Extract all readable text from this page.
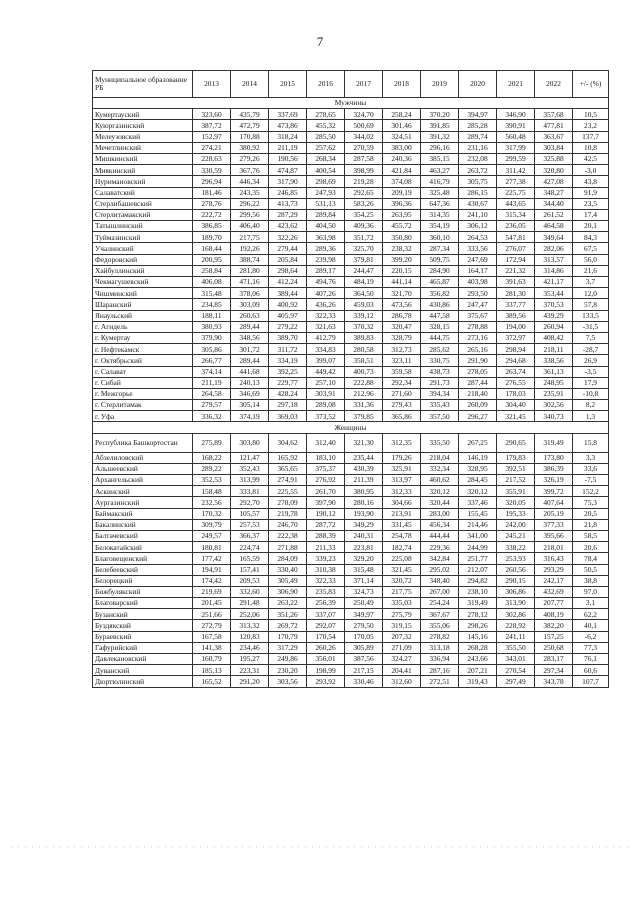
7
Муниципальное образование РБ	2013	2014	2015	2016	2017	2018	2019	2020	2021	2022	+/- (%)
Мужчины											
Кумертауский	323,60	435,79	337,69	278,65	324,70	258,24	370,20	394,97	346,90	357,68	10,5
Куюргазинский	387,72	472,79	473,86	455,32	500,69	301,46	391,85	285,28	390,91	477,81	23,2
Мелеузовский	152,97	170,88	318,24	285,50	344,02	324,51	391,32	289,74	560,48	363,67	137,7
Мечетлинский	274,21	380,92	211,19	257,62	270,59	383,00	296,16	231,16	317,99	303,84	10,8
Мишкинский	228,63	279,26	190,56	268,34	287,58	240,36	385,15	232,08	299,59	325,88	42,5
Миякинский	330,59	367,76	474,87	400,54	398,99	421,84	463,27	263,72	311,42	320,80	-3,0
Нуримановский	296,94	446,34	317,90	298,69	219,28	374,08	416,79	305,75	277,38	427,08	43,8
Салаватский	181,46	243,35	246,85	247,93	292,65	209,19	325,48	286,15	225,75	348,27	91,9
Стерлибашевский	278,76	296,22	413,73	531,13	583,26	396,36	647,36	430,67	443,65	344,40	23,5
Стерлитамакский	222,72	299,56	287,29	289,84	354,25	263,95	314,35	241,10	315,34	261,52	17,4
Татышлинский	386,85	406,40	423,62	404,50	409,36	455,72	354,19	306,12	236,05	464,58	20,1
Туймазинский	189,70	217,75	322,26	363,98	351,72	350,80	360,10	264,53	547,81	349,64	84,3
Учалинский	168,44	192,26	279,44	289,36	325,70	238,32	287,34	333,56	276,07	282,06	67,5
Федоровский	200,95	388,74	205,84	239,98	379,81	399,20	509,75	247,69	172,94	313,57	56,0
Хайбуллинский	258,84	281,80	298,64	289,17	244,47	220,15	284,90	164,17	221,32	314,86	21,6
Чекмагушевский	406,08	471,16	412,24	494,76	484,19	441,14	465,87	403,98	391,63	421,17	3,7
Чишминский	315,48	378,06	389,44	407,26	364,50	321,70	356,82	293,50	281,30	353,44	12,0
Шаранский	234,85	303,09	400,92	436,26	459,03	473,56	430,86	247,47	337,77	370,53	57,8
Янаульский	188,11	260,63	405,97	322,33	339,12	286,78	447,58	375,67	389,56	439,29	133,5
г. Агидель	380,93	289,44	279,22	321,63	370,32	320,47	328,15	278,88	194,00	260,94	-31,5
г. Кумертау	379,90	348,56	389,70	412,79	389,83	328,79	444,75	273,16	372,97	408,42	7,5
г. Нефтекамск	305,86	301,72	311,72	334,83	280,58	312,73	285,62	265,16	298,94	218,11	-28,7
г. Октябрьский	266,77	289,44	334,19	399,07	358,51	323,11	330,75	291,90	294,68	338,56	26,9
г. Салават	374,14	441,68	392,25	449,42	400,73	359,58	438,73	278,05	263,74	361,13	-3,5
г. Сибай	211,19	240,13	229,77	257,10	222,88	292,34	291,73	287,44	276,55	248,95	17,9
г. Межгорье	264,58	346,69	428,24	303,91	212,96	271,60	394,34	218,40	178,03	235,91	-10,8
г. Стерлитамак	279,57	305,14	297,18	289,08	331,36	279,43	335,43	260,09	304,40	302,56	8,2
г. Уфа	336,32	374,19	369,03	373,52	379,85	365,86	357,50	296,27	321,45	340,73	1,3
Женщины											
Республика Башкортостан	275,89	303,80	304,62	312,40	321,30	312,35	335,50	267,25	290,65	319,49	15,8
Абзелиловский	168,22	121,47	165,92	183,10	235,44	179,26	218,04	146,19	179,83	173,80	3,3
Альшеевский	289,22	352,43	365,65	375,37	430,39	325,91	332,34	328,95	392,51	386,39	33,6
Архангельский	352,53	313,99	274,91	276,92	211,39	313,97	460,62	284,45	217,52	326,19	-7,5
Аскинский	158,48	333,81	225,55	261,70	380,95	312,33	320,12	320,12	355,91	399,72	152,2
Аургазинский	232,56	292,70	278,09	397,90	280,16	304,66	320,44	337,46	320,05	407,64	75,3
Баймакский	170,32	105,57	219,78	190,12	193,90	213,91	283,00	155,45	195,33	205,19	20,5
Бакалинский	309,79	257,53	246,70	287,72	349,29	331,45	456,34	214,46	242,00	377,33	21,8
Балтачевский	249,57	366,37	222,38	288,39	240,31	254,78	444,44	341,00	245,21	395,66	58,5
Белокатайский	180,81	224,74	271,88	211,33	223,81	182,74	229,36	244,99	338,22	218,01	20,6
Благовещенский	177,42	165,59	284,09	339,23	329,20	225,08	342,84	251,77	253,93	316,43	78,4
Белебеевский	194,91	157,41	330,40	310,38	315,48	321,45	295,02	212,07	260,56	293,29	50,5
Белорецкий	174,42	209,53	305,49	322,33	371,14	320,72	348,40	294,82	290,15	242,17	38,8
Бижбулякский	219,69	332,60	306,90	235,83	324,73	217,75	267,00	238,10	306,86	432,69	97,0
Благоварский	201,45	291,48	263,22	256,39	250,49	335,03	254,24	319,49	313,90	207,77	3,1
Бузанский	251,66	252,06	351,26	337,07	349,97	275,79	367,67	278,12	302,86	408,19	62,2
Буздякский	272,79	313,32	269,72	292,07	279,50	319,15	355,06	298,26	228,92	382,20	40,1
Бураевский	167,58	120,83	170,79	170,54	170,05	207,32	278,82	145,16	241,11	157,25	-6,2
Гафурийский	141,38	234,46	317,29	260,26	305,89	271,09	313,18	268,28	355,50	250,68	77,3
Давлекановский	160,79	195,27	249,86	356,01	387,56	324,27	336,94	243,66	343,01	283,17	76,1
Дуванский	185,13	223,31	230,20	198,99	217,15	204,41	287,16	207,21	270,54	297,34	60,6
Дюртюлинский	165,52	291,20	303,56	293,92	330,46	312,60	272,51	319,43	297,49	343,78	107,7
